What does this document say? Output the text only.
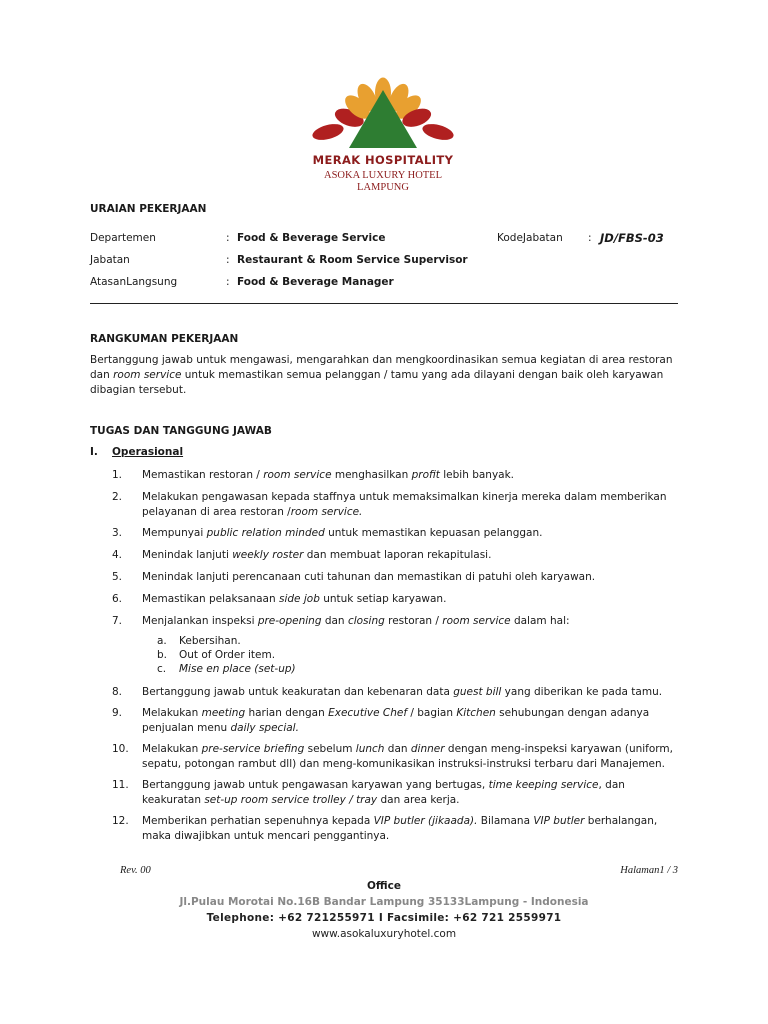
MERAK HOSPITALITY
ASOKA LUXURY HOTEL
LAMPUNG
URAIAN PEKERJAAN
Departemen	: Food & Beverage Service	KodeJabatan : JD/FBS-03
Jabatan	: Restaurant & Room Service Supervisor
AtasanLangsung	: Food & Beverage Manager
RANGKUMAN PEKERJAAN
Bertanggung jawab untuk mengawasi, mengarahkan dan mengkoordinasikan semua kegiatan di area restoran dan room service untuk memastikan semua pelanggan / tamu yang ada dilayani dengan baik oleh karyawan dibagian tersebut.
TUGAS DAN TANGGUNG JAWAB
I. Operasional
1.	Memastikan restoran / room service menghasilkan profit lebih banyak.
2.	Melakukan pengawasan kepada staffnya untuk memaksimalkan kinerja mereka dalam memberikan pelayanan di area restoran /room service.
3.	Mempunyai public relation minded untuk memastikan kepuasan pelanggan.
4.	Menindak lanjuti weekly roster dan membuat laporan rekapitulasi.
5.	Menindak lanjuti perencanaan cuti tahunan dan memastikan di patuhi oleh karyawan.
6.	Memastikan pelaksanaan side job untuk setiap karyawan.
7.	Menjalankan inspeksi pre-opening dan closing restoran / room service dalam hal:
8.	Bertanggung jawab untuk keakuratan dan kebenaran data guest bill yang diberikan ke pada tamu.
9.	Melakukan meeting harian dengan Executive Chef / bagian Kitchen sehubungan dengan adanya penjualan menu daily special.
10.	Melakukan pre-service briefing sebelum lunch dan dinner dengan meng-inspeksi karyawan (uniform, sepatu, potongan rambut dll) dan meng-komunikasikan instruksi-instruksi terbaru dari Manajemen.
11.	Bertanggung jawab untuk pengawasan karyawan yang bertugas, time keeping service, dan keakuratan set-up room service trolley / tray dan area kerja.
12.	Memberikan perhatian sepenuhnya kepada VIP butler (jikaada). Bilamana VIP butler berhalangan, maka diwajibkan untuk mencari penggantinya.
a. Kebersihan.
b. Out of Order item.
c. Mise en place (set-up)
Rev. 00	Halaman1 / 3
Office
Jl.Pulau Morotai No.16B Bandar Lampung 35133Lampung - Indonesia
Telephone: +62 721255971 I Facsimile: +62 721 2559971
www.asokaluxuryhotel.com
